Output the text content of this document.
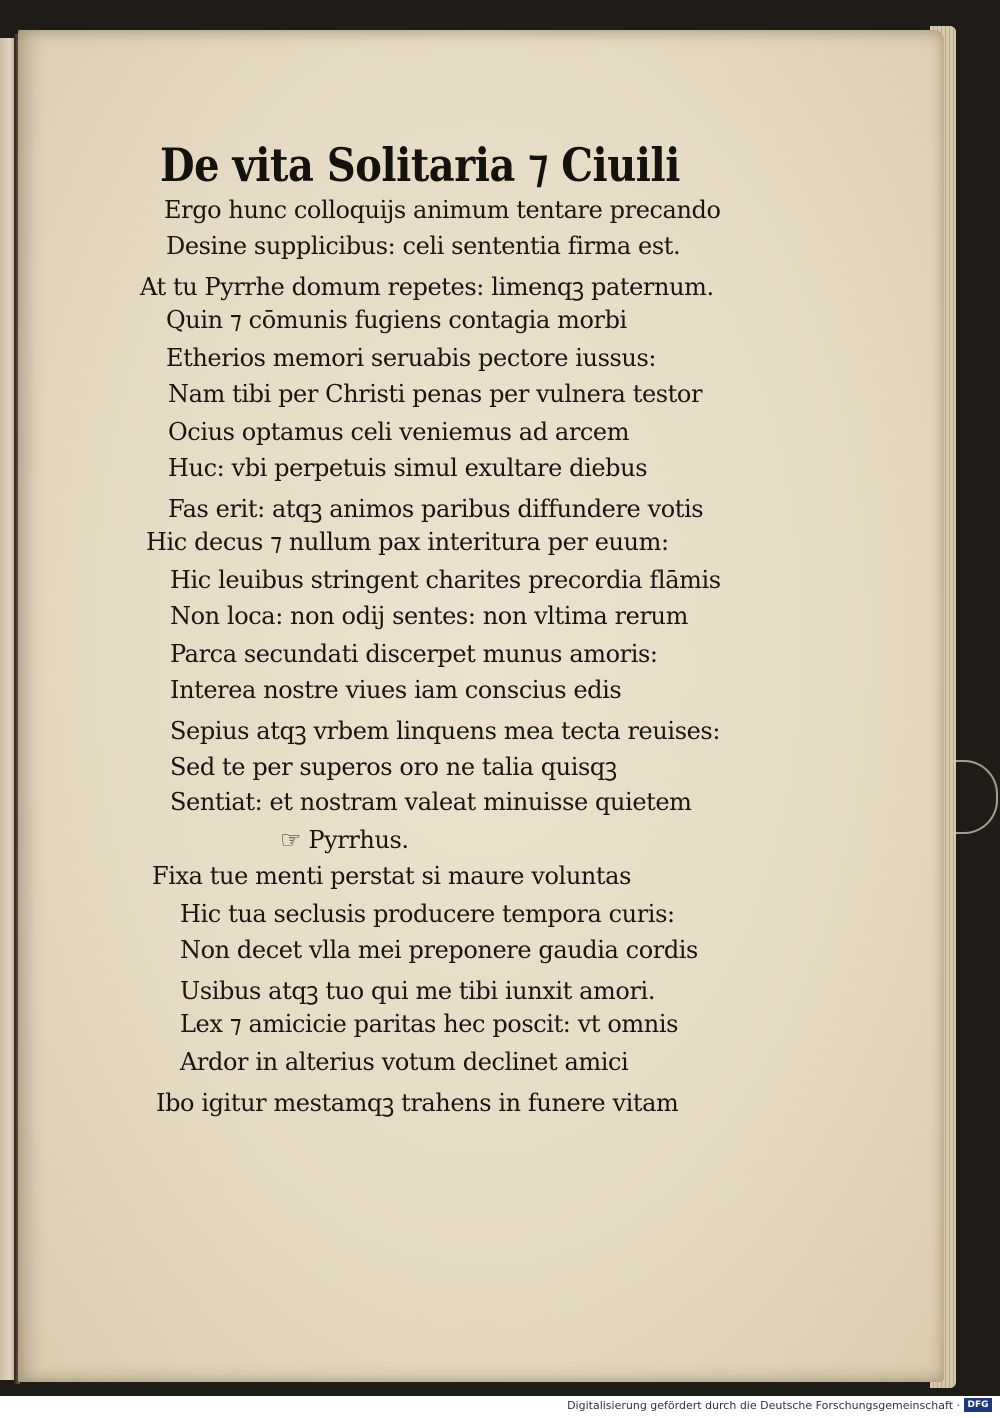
De vita Solitaria ⁊ Ciuili
Ergo hunc colloquijs animum tentare precando
Desine supplicibus: celi sententia firma est.
At tu Pyrrhe domum repetes: limenqꝫ paternum.
Quin ⁊ cōmunis fugiens contagia morbi
Etherios memori seruabis pectore iussus:
Nam tibi per Christi penas per vulnera testor
Ocius optamus celi veniemus ad arcem
Huc: vbi perpetuis simul exultare diebus
Fas erit: atqꝫ animos paribus diffundere votis
Hic decus ⁊ nullum pax interitura per euum:
Hic leuibus stringent charites precordia flāmis
Non loca: non odij sentes: non vltima rerum
Parca secundati discerpet munus amoris:
Interea nostre viues iam conscius edis
Sepius atqꝫ vrbem linquens mea tecta reuises:
Sed te per superos oro ne talia quisqꝫ
Sentiat: et nostram valeat minuisse quietem
☞ Pyrrhus.
Fixa tue menti perstat si maure voluntas
Hic tua seclusis producere tempora curis:
Non decet vlla mei preponere gaudia cordis
Usibus atqꝫ tuo qui me tibi iunxit amori.
Lex ⁊ amicicie paritas hec poscit: vt omnis
Ardor in alterius votum declinet amici
Ibo igitur mestamqꝫ trahens in funere vitam
Digitalisierung gefördert durch die Deutsche Forschungsgemeinschaft · DFG
